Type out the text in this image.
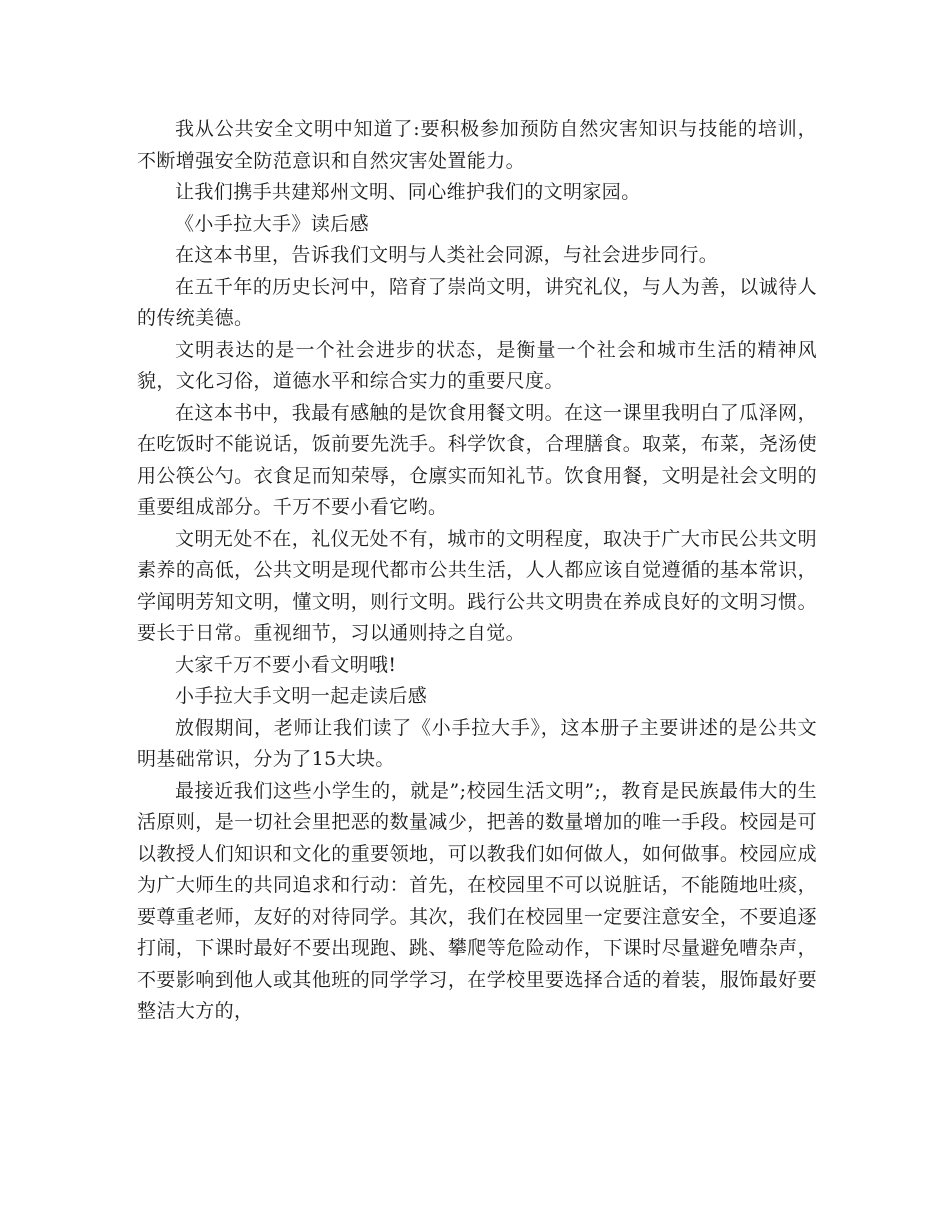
我从公共安全文明中知道了:要积极参加预防自然灾害知识与技能的培训，不断增强安全防范意识和自然灾害处置能力。

让我们携手共建郑州文明、同心维护我们的文明家园。

《小手拉大手》读后感

在这本书里，告诉我们文明与人类社会同源，与社会进步同行。

在五千年的历史长河中，陪育了崇尚文明，讲究礼仪，与人为善，以诚待人的传统美德。

文明表达的是一个社会进步的状态，是衡量一个社会和城市生活的精神风貌，文化习俗，道德水平和综合实力的重要尺度。

在这本书中，我最有感触的是饮食用餐文明。在这一课里我明白了瓜泽网，在吃饭时不能说话，饭前要先洗手。科学饮食，合理膳食。取菜，布菜，尧汤使用公筷公勺。衣食足而知荣辱，仓廪实而知礼节。饮食用餐，文明是社会文明的重要组成部分。千万不要小看它哟。

文明无处不在，礼仪无处不有，城市的文明程度，取决于广大市民公共文明素养的高低，公共文明是现代都市公共生活，人人都应该自觉遵循的基本常识，学闻明芳知文明，懂文明，则行文明。践行公共文明贵在养成良好的文明习惯。要长于日常。重视细节，习以通则持之自觉。

大家千万不要小看文明哦!

小手拉大手文明一起走读后感

放假期间，老师让我们读了《小手拉大手》，这本册子主要讲述的是公共文明基础常识，分为了15大块。

最接近我们这些小学生的，就是”;校园生活文明”;，教育是民族最伟大的生活原则，是一切社会里把恶的数量减少，把善的数量增加的唯一手段。校园是可以教授人们知识和文化的重要领地，可以教我们如何做人，如何做事。校园应成为广大师生的共同追求和行动：首先，在校园里不可以说脏话，不能随地吐痰，要尊重老师，友好的对待同学。其次，我们在校园里一定要注意安全，不要追逐打闹，下课时最好不要出现跑、跳、攀爬等危险动作，下课时尽量避免嘈杂声，不要影响到他人或其他班的同学学习，在学校里要选择合适的着装，服饰最好要整洁大方的，
